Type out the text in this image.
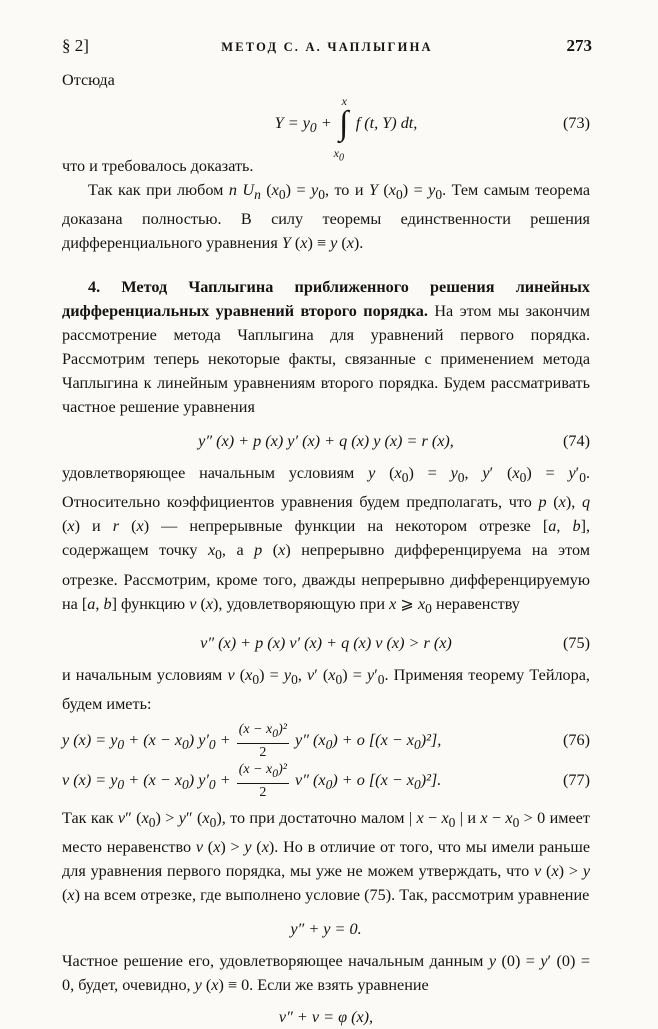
§ 2]	МЕТОД С. А. ЧАПЛЫГИНА	273

Отсюда

$Y = y_0$ + ∫
x
$x_0$
f (t, Y) dt,	(73)

что и требовалось доказать.

Так как при любом n $U_n$ $(x_0) = y_0$, то и Y $(x_0) = y_0$. Тем самым теорема доказана полностью. В силу теоремы единственности решения дифференциального уравнения Y (x) ≡ y (x).

4. Метод Чаплыгина приближенного решения линейных дифференциальных уравнений второго порядка. На этом мы закончим рассмотрение метода Чаплыгина для уравнений первого порядка. Рассмотрим теперь некоторые факты, связанные с применением метода Чаплыгина к линейным уравнениям второго порядка. Будем рассматривать частное решение уравнения

y″ (x) + p (x) y′ (x) + q (x) y (x) = r (x),	(74)

удовлетворяющее начальным условиям y $(x_0) = y_0$, y′ $(x_0) = y'_0$. Относительно коэффициентов уравнения будем предполагать, что p (x), q (x) и r (x) — непрерывные функции на некотором отрезке [a, b], содержащем точку $x_0$, а p (x) непрерывно дифференцируема на этом отрезке. Рассмотрим, кроме того, дважды непрерывно дифференцируемую на [a, b] функцию v (x), удовлетворяющую при x ⩾ $x_0$ неравенству

v″ (x) + p (x) v′ (x) + q (x) v (x) > r (x)	(75)

и начальным условиям v $(x_0) = y_0$, v′ $(x_0) = y'_0$. Применяя теорему Тейлора, будем иметь:

y $(x) = y_0 + (x - x_0) y'_0 + \frac{(x - x_0)^2}{2} y''$ $(x_0) + o$ $[(x - x_0)^2]$,	(76)
v $(x) = y_0 + (x - x_0) y'_0 + \frac{(x - x_0)^2}{2} v''$ $(x_0) + o$ $[(x - x_0)^2]$.	(77)

Так как v″ $(x_0) > y''$ $(x_0)$, то при достаточно малом | $x - x_0$ | и $x - x_0 > 0$ имеет место неравенство v (x) > y (x). Но в отличие от того, что мы имели раньше для уравнения первого порядка, мы уже не можем утверждать, что v (x) > y (x) на всем отрезке, где выполнено условие (75). Так, рассмотрим уравнение

y″ + y = 0.

Частное решение его, удовлетворяющее начальным данным y (0) = y′ (0) = 0, будет, очевидно, y (x) ≡ 0. Если же взять уравнение

v″ + v = φ (x),
